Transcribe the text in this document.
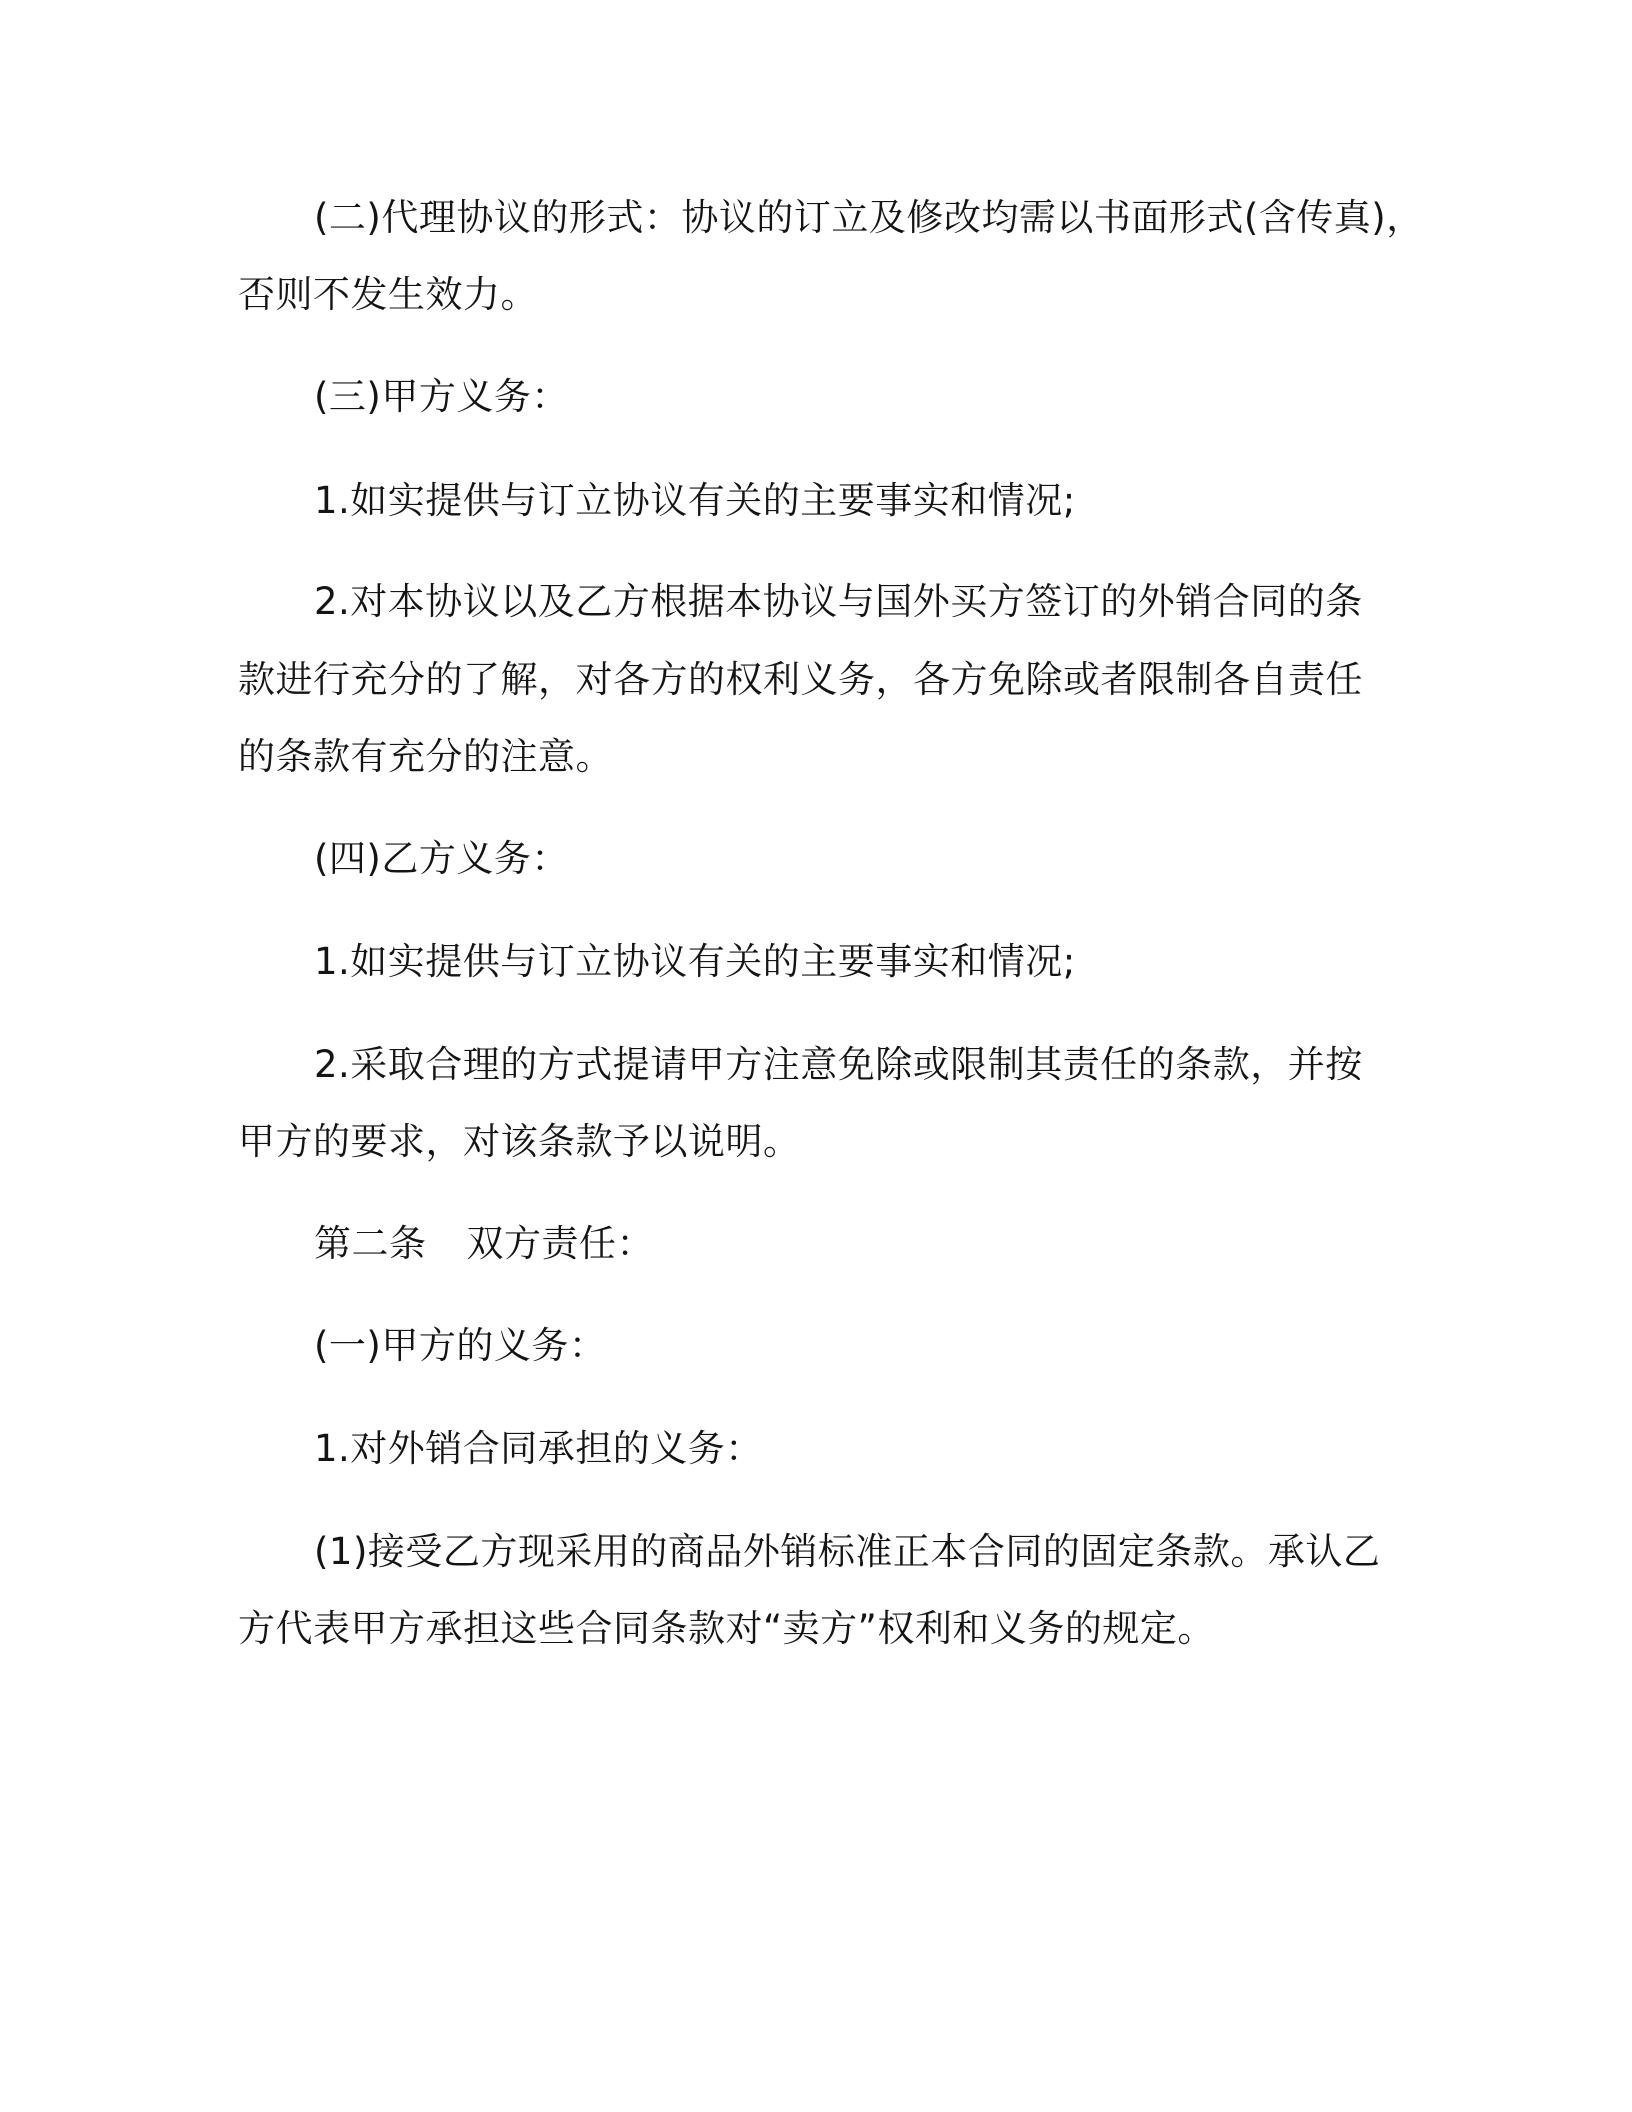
(二)代理协议的形式：协议的订立及修改均需以书面形式(含传真)，
否则不发生效力。
(三)甲方义务：
1.如实提供与订立协议有关的主要事实和情况;
2.对本协议以及乙方根据本协议与国外买方签订的外销合同的条
款进行充分的了解，对各方的权利义务，各方免除或者限制各自责任
的条款有充分的注意。
(四)乙方义务：
1.如实提供与订立协议有关的主要事实和情况;
2.采取合理的方式提请甲方注意免除或限制其责任的条款，并按
甲方的要求，对该条款予以说明。
第二条 双方责任：
(一)甲方的义务：
1.对外销合同承担的义务：
(1)接受乙方现采用的商品外销标准正本合同的固定条款。承认乙
方代表甲方承担这些合同条款对“卖方”权利和义务的规定。
